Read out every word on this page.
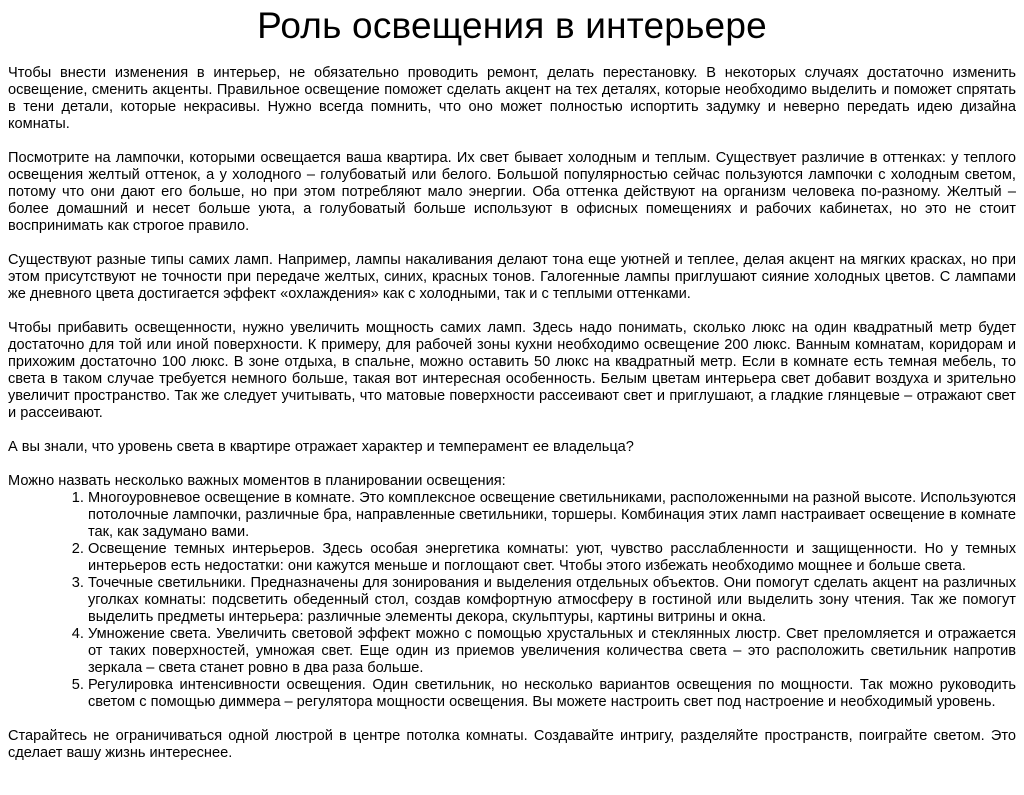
Роль освещения в интерьере

Чтобы внести изменения в интерьер, не обязательно проводить ремонт, делать перестановку. В некоторых случаях достаточно изменить освещение, сменить акценты. Правильное освещение поможет сделать акцент на тех деталях, которые необходимо выделить и поможет спрятать в тени детали, которые некрасивы. Нужно всегда помнить, что оно может полностью испортить задумку и неверно передать идею дизайна комнаты.

Посмотрите на лампочки, которыми освещается ваша квартира. Их свет бывает холодным и теплым. Существует различие в оттенках: у теплого освещения желтый оттенок, а у холодного – голубоватый или белого. Большой популярностью сейчас пользуются лампочки с холодным светом, потому что они дают его больше, но при этом потребляют мало энергии. Оба оттенка действуют на организм человека по-разному. Желтый – более домашний и несет больше уюта, а голубоватый больше используют в офисных помещениях и рабочих кабинетах, но это не стоит воспринимать как строгое правило.

Существуют разные типы самих ламп. Например, лампы накаливания делают тона еще уютней и теплее, делая акцент на мягких красках, но при этом присутствуют не точности при передаче желтых, синих, красных тонов. Галогенные лампы приглушают сияние холодных цветов. С лампами же дневного цвета достигается эффект «охлаждения» как с холодными, так и с теплыми оттенками.

Чтобы прибавить освещенности, нужно увеличить мощность самих ламп. Здесь надо понимать, сколько люкс на один квадратный метр будет достаточно для той или иной поверхности. К примеру, для рабочей зоны кухни необходимо освещение 200 люкс. Ванным комнатам, коридорам и прихожим достаточно 100 люкс. В зоне отдыха, в спальне, можно оставить 50 люкс на квадратный метр. Если в комнате есть темная мебель, то света в таком случае требуется немного больше, такая вот интересная особенность. Белым цветам интерьера свет добавит воздуха и зрительно увеличит пространство. Так же следует учитывать, что матовые поверхности рассеивают свет и приглушают, а гладкие глянцевые – отражают свет и рассеивают.

А вы знали, что уровень света в квартире отражает характер и темперамент ее владельца?

Можно назвать несколько важных моментов в планировании освещения:

1. Многоуровневое освещение в комнате. Это комплексное освещение светильниками, расположенными на разной высоте. Используются потолочные лампочки, различные бра, направленные светильники, торшеры. Комбинация этих ламп настраивает освещение в комнате так, как задумано вами.
2. Освещение темных интерьеров. Здесь особая энергетика комнаты: уют, чувство расслабленности и защищенности. Но у темных интерьеров есть недостатки: они кажутся меньше и поглощают свет. Чтобы этого избежать необходимо мощнее и больше света.
3. Точечные светильники. Предназначены для зонирования и выделения отдельных объектов. Они помогут сделать акцент на различных уголках комнаты: подсветить обеденный стол, создав комфортную атмосферу в гостиной или выделить зону чтения. Так же помогут выделить предметы интерьера: различные элементы декора, скульптуры, картины витрины и окна.
4. Умножение света. Увеличить световой эффект можно с помощью хрустальных и стеклянных люстр. Свет преломляется и отражается от таких поверхностей, умножая свет. Еще один из приемов увеличения количества света – это расположить светильник напротив зеркала – света станет ровно в два раза больше.
5. Регулировка интенсивности освещения. Один светильник, но несколько вариантов освещения по мощности. Так можно руководить светом с помощью диммера – регулятора мощности освещения. Вы можете настроить свет под настроение и необходимый уровень.

Старайтесь не ограничиваться одной люстрой в центре потолка комнаты. Создавайте интригу, разделяйте пространств, поиграйте светом. Это сделает вашу жизнь интереснее.
